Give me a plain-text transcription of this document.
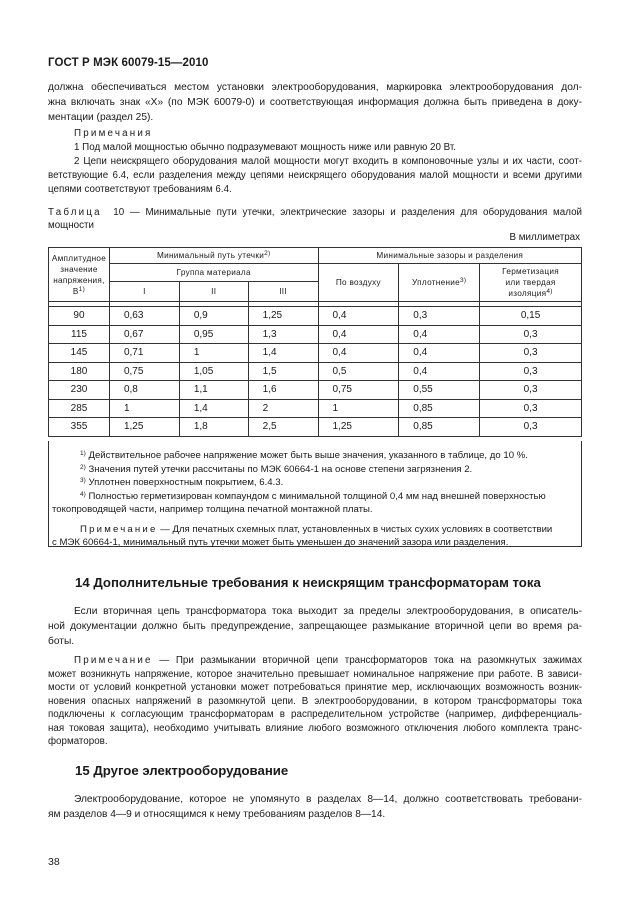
ГОСТ Р МЭК 60079-15—2010
должна обеспечиваться местом установки электрооборудования, маркировка электрооборудования дол-
жна включать знак «X» (по МЭК 60079-0) и соответствующая информация должна быть приведена в доку-
ментации (раздел 25).
Примечания
1 Под малой мощностью обычно подразумевают мощность ниже или равную 20 Вт.
2 Цепи неискрящего оборудования малой мощности могут входить в компоновочные узлы и их части, соот-
ветствующие 6.4, если разделения между цепями неискрящего оборудования малой мощности и всеми другими
цепями соответствуют требованиям 6.4.
Таблица 10 — Минимальные пути утечки, электрические зазоры и разделения для оборудования малой
мощности
В миллиметрах
Амплитудное
значение
напряжения, $В^{1)}$	Минимальный путь утечки$^{2)}$			Минимальные зазоры и разделения		
	Группа материала			По воздуху	Уплотнение$^{3)}$	Герметизация
или твердая
изоляция$^{4)}$
	I	II	III			

90	0,63	0,9	1,25	0,4	0,3	0,15
115	0,67	0,95	1,3	0,4	0,4	0,3
145	0,71	1	1,4	0,4	0,4	0,3
180	0,75	1,05	1,5	0,5	0,4	0,3
230	0,8	1,1	1,6	0,75	0,55	0,3
285	1	1,4	2	1	0,85	0,3
355	1,25	1,8	2,5	1,25	0,85	0,3
$^{1)}$ Действительное рабочее напряжение может быть выше значения, указанного в таблице, до 10 %.
$^{2)}$ Значения путей утечки рассчитаны по МЭК 60664-1 на основе степени загрязнения 2.
$^{3)}$ Уплотнен поверхностным покрытием, 6.4.3.
$^{4)}$ Полностью герметизирован компаундом с минимальной толщиной 0,4 мм над внешней поверхностью
токопроводящей части, например толщина печатной монтажной платы.
Примечание — Для печатных схемных плат, установленных в чистых сухих условиях в соответствии
с МЭК 60664-1, минимальный путь утечки может быть уменьшен до значений зазора или разделения.
14 Дополнительные требования к неискрящим трансформаторам тока
Если вторичная цепь трансформатора тока выходит за пределы электрооборудования, в описатель-
ной документации должно быть предупреждение, запрещающее размыкание вторичной цепи во время ра-
боты.
Примечание — При размыкании вторичной цепи трансформаторов тока на разомкнутых зажимах
может возникнуть напряжение, которое значительно превышает номинальное напряжение при работе. В зависи-
мости от условий конкретной установки может потребоваться принятие мер, исключающих возможность возник-
новения опасных напряжений в разомкнутой цепи. В электрооборудовании, в котором трансформаторы тока
подключены к согласующим трансформаторам в распределительном устройстве (например, дифференциаль-
ная токовая защита), необходимо учитывать влияние любого возможного отключения любого комплекта транс-
форматоров.
15 Другое электрооборудование
Электрооборудование, которое не упомянуто в разделах 8—14, должно соответствовать требовани-
ям разделов 4—9 и относящимся к нему требованиям разделов 8—14.
38
